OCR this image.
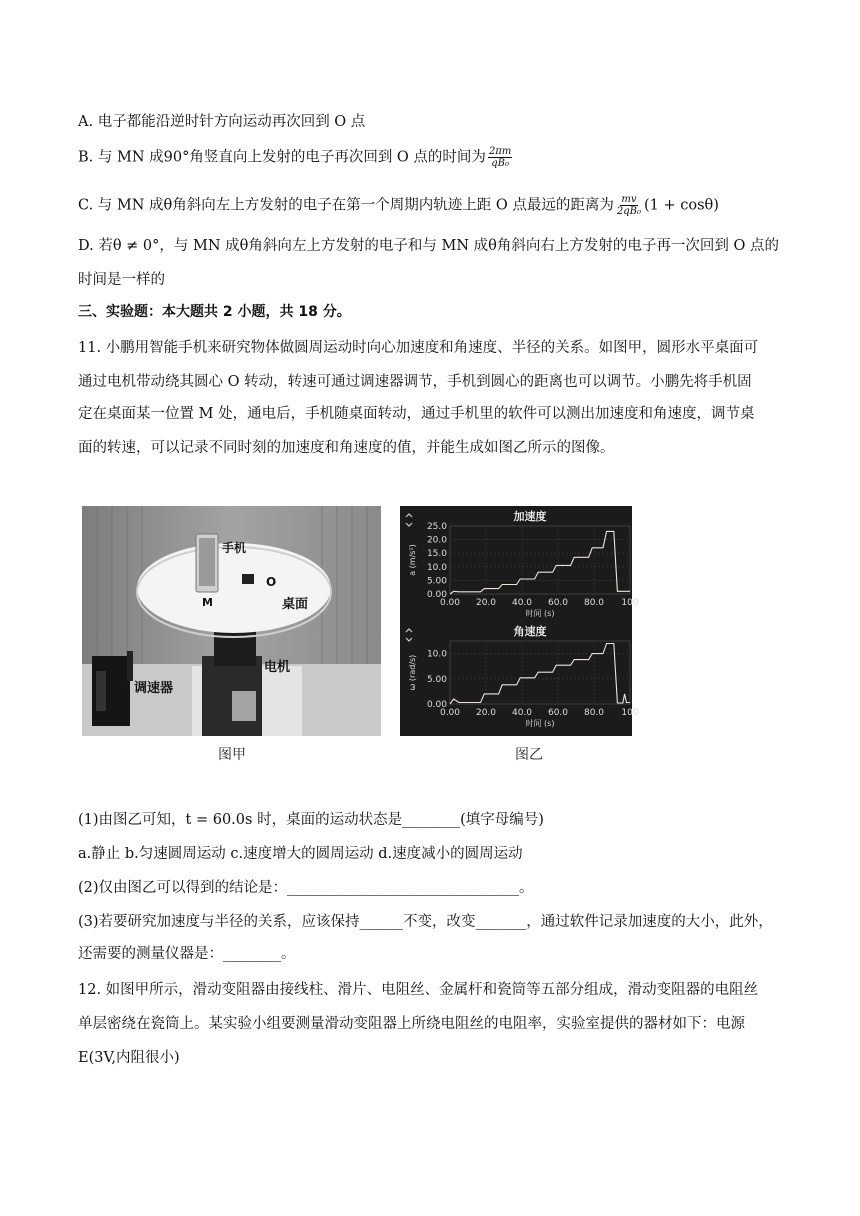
A. 电子都能沿逆时针方向运动再次回到 O 点
B. 与 MN 成90°角竖直向上发射的电子再次回到 O 点的时间为 $\frac{2\pi m}{\text{qB₀}}$
C. 与 MN 成θ角斜向左上方发射的电子在第一个周期内轨迹上距 O 点最远的距离为 $\frac{mv}{\text{2qB₀}} (1 + \cos\theta)$
D. 若θ ≠ 0°，与 MN 成θ角斜向左上方发射的电子和与 MN 成θ角斜向右上方发射的电子再一次回到 O 点的
时间是一样的
三、实验题：本大题共 2 小题，共 18 分。
11. 小鹏用智能手机来研究物体做圆周运动时向心加速度和角速度、半径的关系。如图甲，圆形水平桌面可
通过电机带动绕其圆心 O 转动，转速可通过调速器调节，手机到圆心的距离也可以调节。小鹏先将手机固
定在桌面某一位置 M 处，通电后，手机随桌面转动，通过手机里的软件可以测出加速度和角速度，调节桌
面的转速，可以记录不同时刻的加速度和角速度的值，并能生成如图乙所示的图像。
手机
O
M	桌面
电机
调速器
加速度
0.00
5.00
10.0
15.0
20.0
25.0
0.00 20.0 40.0 60.0 80.0 100
时间 (s)
a (m/s²)
角速度
0.00
5.00
10.0
0.00 20.0 40.0 60.0 80.0 100
时间 (s)
ω (rad/s)
图甲	图乙
(1)由图乙可知，t = 60.0s 时，桌面的运动状态是________(填字母编号)
a.静止 b.匀速圆周运动 c.速度增大的圆周运动 d.速度减小的圆周运动
(2)仅由图乙可以得到的结论是：________________________________。
(3)若要研究加速度与半径的关系，应该保持______不变，改变_______，通过软件记录加速度的大小，此外，
还需要的测量仪器是：________。
12. 如图甲所示，滑动变阻器由接线柱、滑片、电阻丝、金属杆和瓷筒等五部分组成，滑动变阻器的电阻丝
单层密绕在瓷筒上。某实验小组要测量滑动变阻器上所绕电阻丝的电阻率，实验室提供的器材如下：电源
E(3V,内阻很小)
